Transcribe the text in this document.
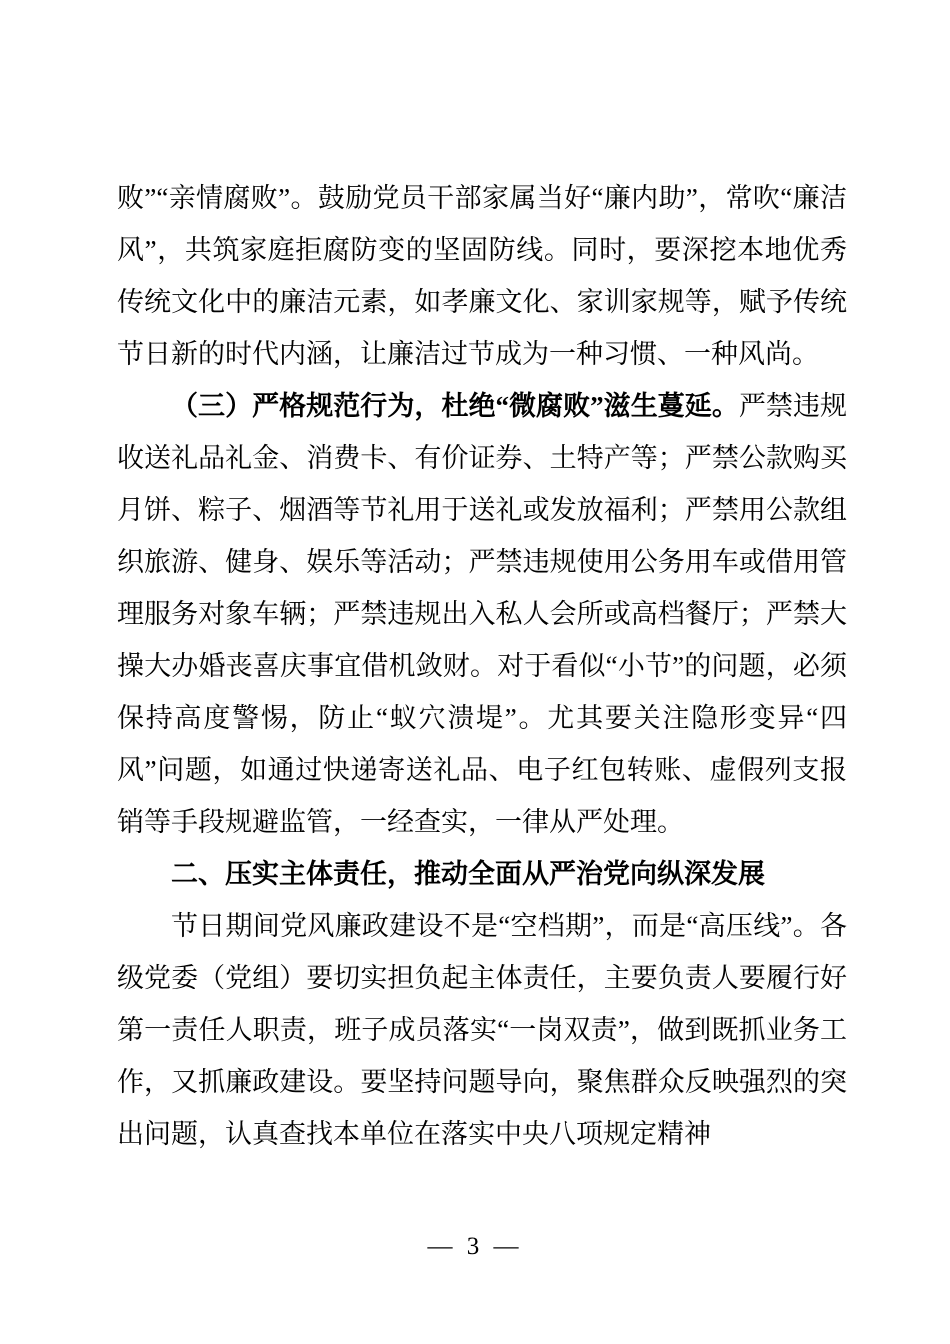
败”“亲情腐败”。鼓励党员干部家属当好“廉内助”，常吹“廉洁风”，共筑家庭拒腐防变的坚固防线。同时，要深挖本地优秀传统文化中的廉洁元素，如孝廉文化、家训家规等，赋予传统节日新的时代内涵，让廉洁过节成为一种习惯、一种风尚。

（三）严格规范行为，杜绝“微腐败”滋生蔓延。严禁违规收送礼品礼金、消费卡、有价证券、土特产等；严禁公款购买月饼、粽子、烟酒等节礼用于送礼或发放福利；严禁用公款组织旅游、健身、娱乐等活动；严禁违规使用公务用车或借用管理服务对象车辆；严禁违规出入私人会所或高档餐厅；严禁大操大办婚丧喜庆事宜借机敛财。对于看似“小节”的问题，必须保持高度警惕，防止“蚁穴溃堤”。尤其要关注隐形变异“四风”问题，如通过快递寄送礼品、电子红包转账、虚假列支报销等手段规避监管，一经查实，一律从严处理。

二、压实主体责任，推动全面从严治党向纵深发展

节日期间党风廉政建设不是“空档期”，而是“高压线”。各级党委（党组）要切实担负起主体责任，主要负责人要履行好第一责任人职责，班子成员落实“一岗双责”，做到既抓业务工作，又抓廉政建设。要坚持问题导向，聚焦群众反映强烈的突出问题，认真查找本单位在落实中央八项规定精神

— 3 —
